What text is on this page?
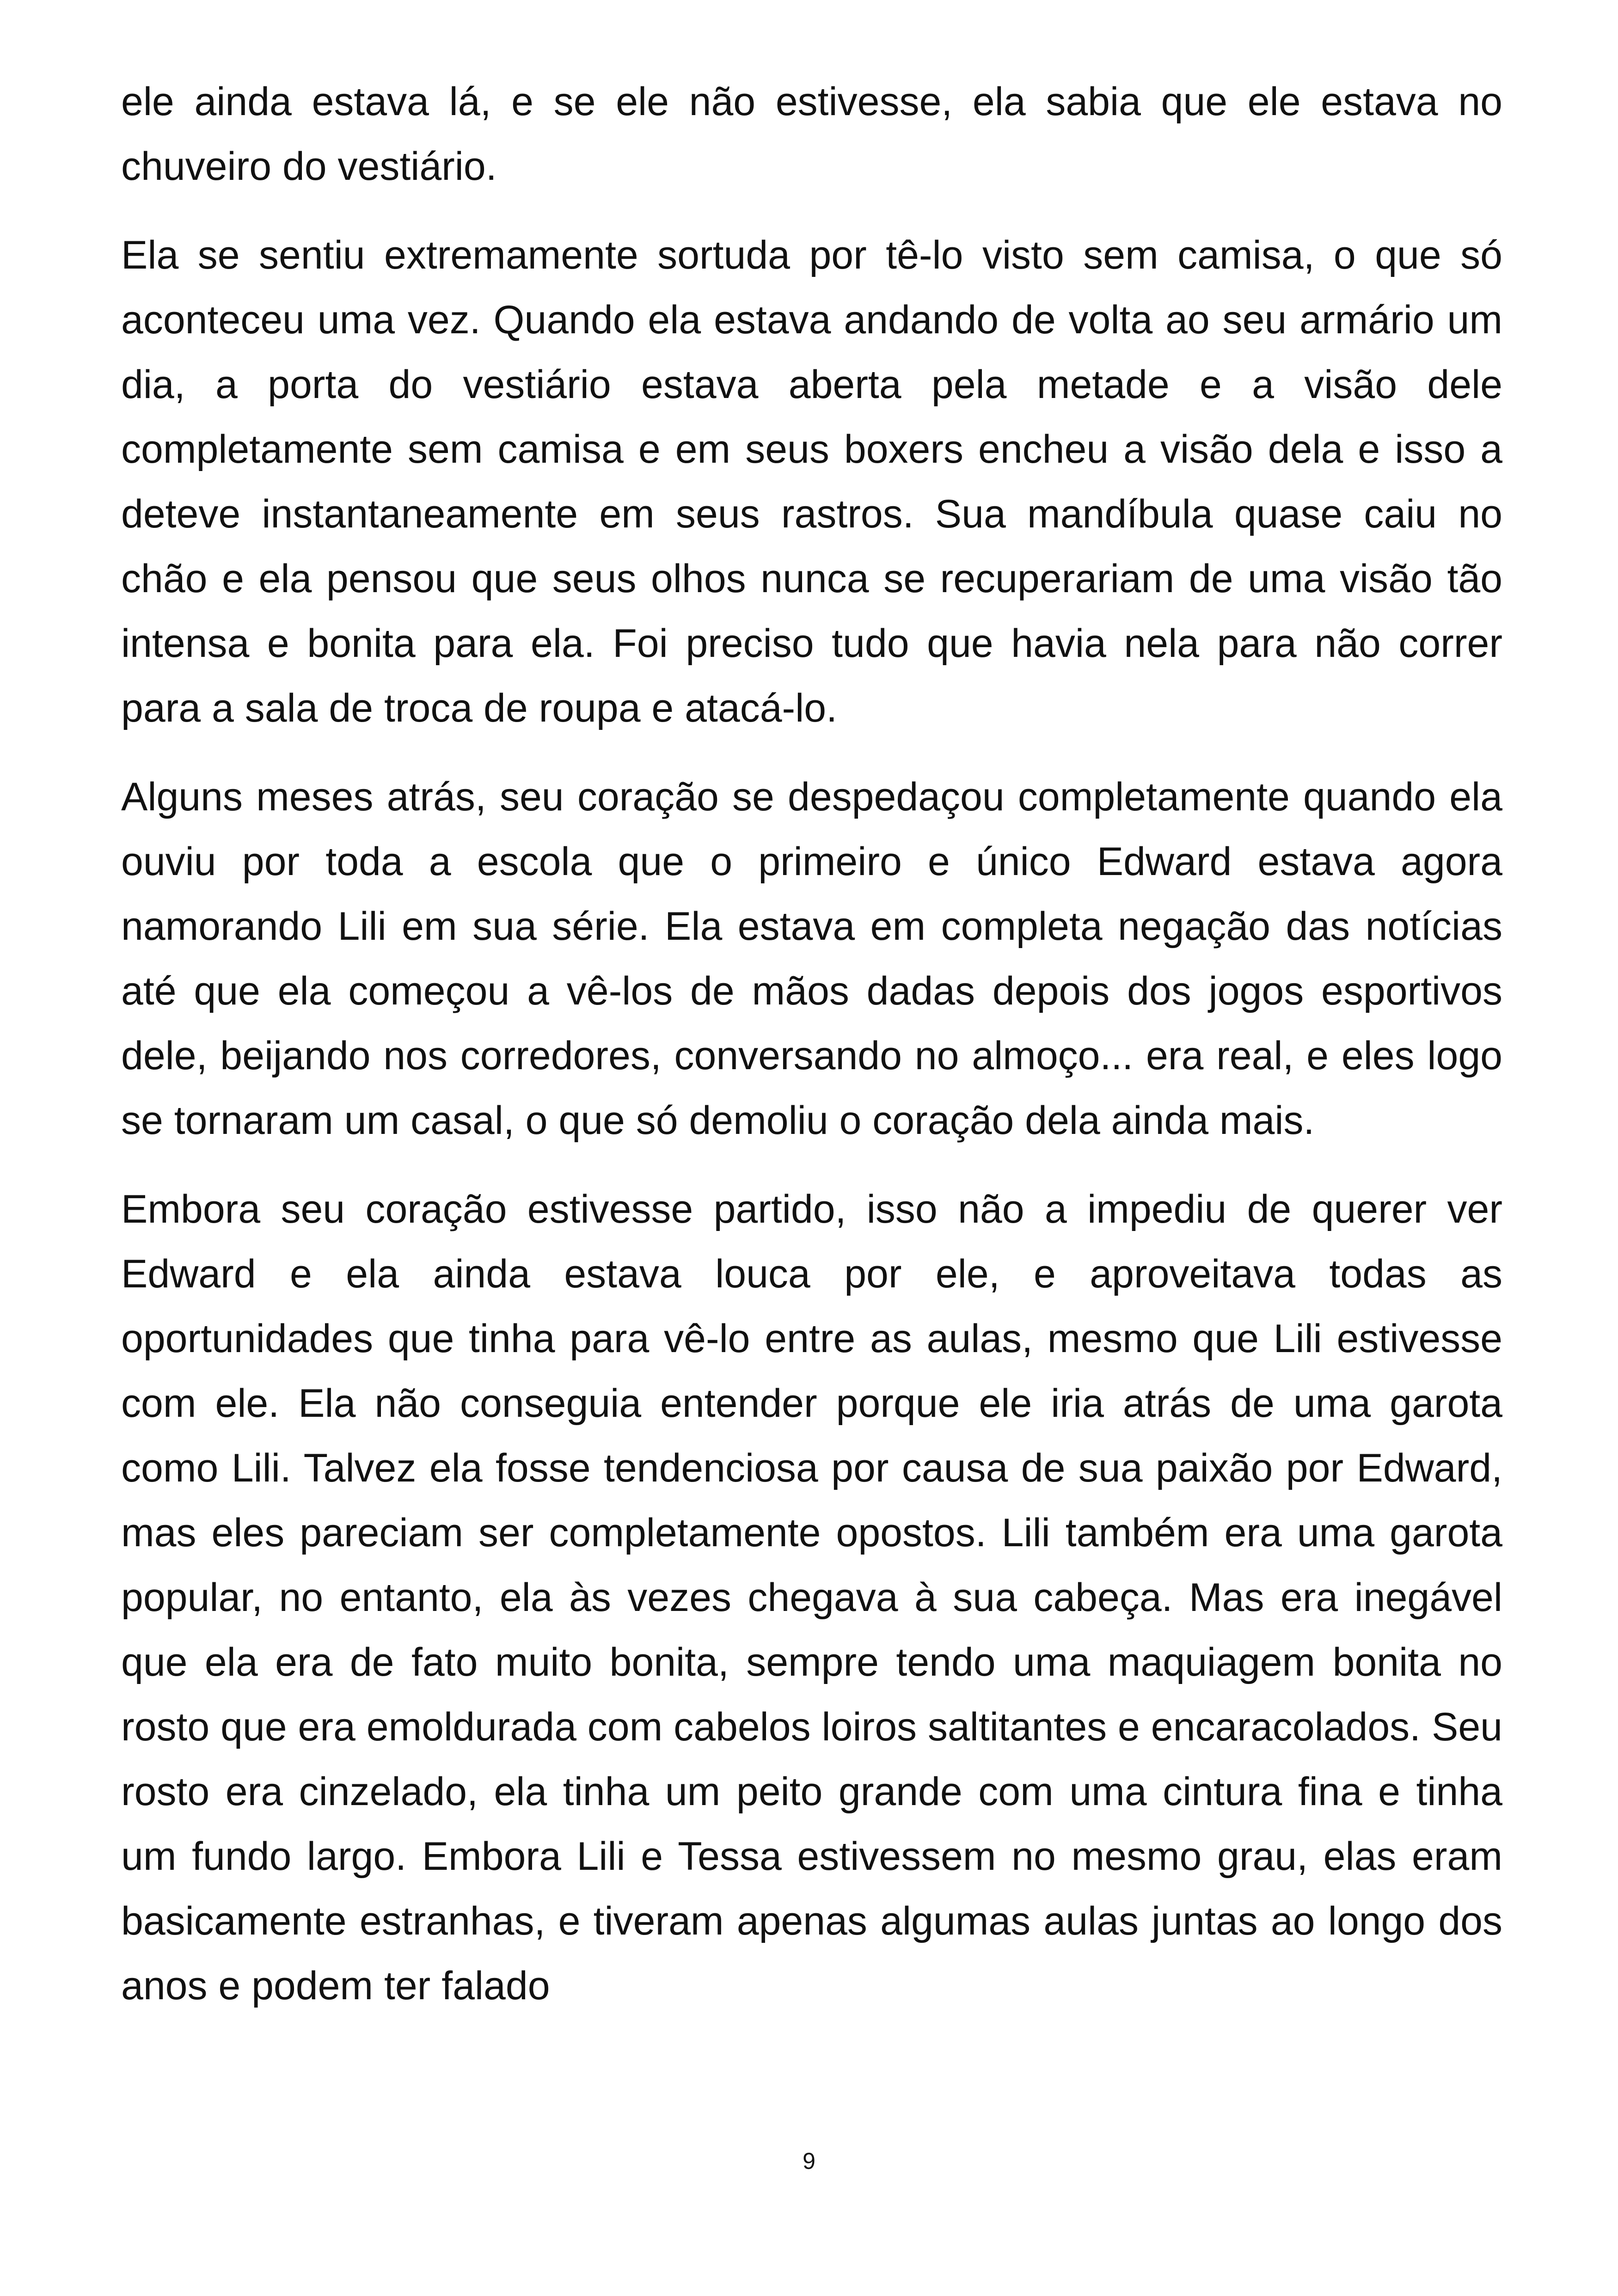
ele ainda estava lá, e se ele não estivesse, ela sabia que ele estava no chuveiro do vestiário.

Ela se sentiu extremamente sortuda por tê-lo visto sem camisa, o que só aconteceu uma vez. Quando ela estava andando de volta ao seu armário um dia, a porta do vestiário estava aberta pela metade e a visão dele completamente sem camisa e em seus boxers encheu a visão dela e isso a deteve instantaneamente em seus rastros. Sua mandíbula quase caiu no chão e ela pensou que seus olhos nunca se recuperariam de uma visão tão intensa e bonita para ela. Foi preciso tudo que havia nela para não correr para a sala de troca de roupa e atacá-lo.

Alguns meses atrás, seu coração se despedaçou completamente quando ela ouviu por toda a escola que o primeiro e único Edward estava agora namorando Lili em sua série. Ela estava em completa negação das notícias até que ela começou a vê-los de mãos dadas depois dos jogos esportivos dele, beijando nos corredores, conversando no almoço... era real, e eles logo se tornaram um casal, o que só demoliu o coração dela ainda mais.

Embora seu coração estivesse partido, isso não a impediu de querer ver Edward e ela ainda estava louca por ele, e aproveitava todas as oportunidades que tinha para vê-lo entre as aulas, mesmo que Lili estivesse com ele. Ela não conseguia entender porque ele iria atrás de uma garota como Lili. Talvez ela fosse tendenciosa por causa de sua paixão por Edward, mas eles pareciam ser completamente opostos. Lili também era uma garota popular, no entanto, ela às vezes chegava à sua cabeça. Mas era inegável que ela era de fato muito bonita, sempre tendo uma maquiagem bonita no rosto que era emoldurada com cabelos loiros saltitantes e encaracolados. Seu rosto era cinzelado, ela tinha um peito grande com uma cintura fina e tinha um fundo largo. Embora Lili e Tessa estivessem no mesmo grau, elas eram basicamente estranhas, e tiveram apenas algumas aulas juntas ao longo dos anos e podem ter falado

9
